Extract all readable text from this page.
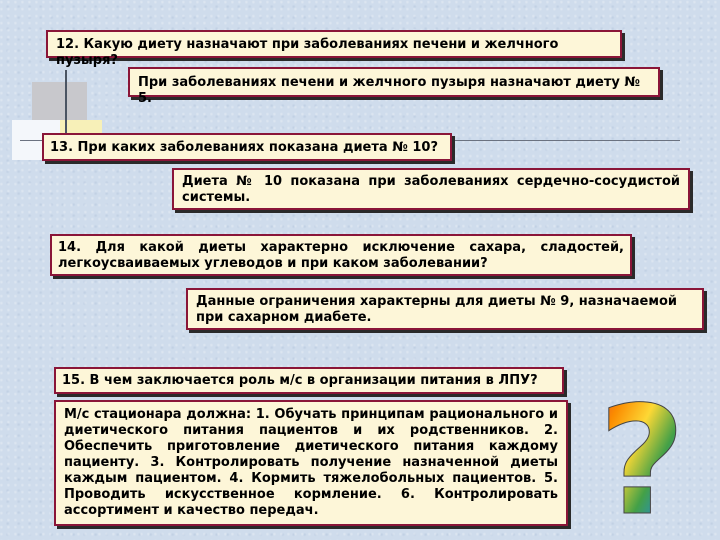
12. Какую диету назначают при заболеваниях печени и желчного пузыря?
При заболеваниях печени и желчного пузыря назначают диету № 5.
13. При каких заболеваниях показана диета № 10?
Диета № 10 показана при заболеваниях сердечно-сосудистой системы.
14. Для какой диеты характерно исключение сахара, сладостей, легкоусваиваемых углеводов и при каком заболевании?
Данные ограничения характерны для диеты № 9, назначаемой при сахарном диабете.
15. В чем заключается роль м/с в организации питания в ЛПУ?
М/с стационара должна: 1. Обучать принципам рационального и диетического питания пациентов и их родственников. 2. Обеспечить приготовление диетического питания каждому пациенту. 3. Контролировать получение назначенной диеты каждым пациентом. 4. Кормить тяжелобольных пациентов. 5. Проводить искусственное кормление. 6. Контролировать ассортимент и качество передач.	?
